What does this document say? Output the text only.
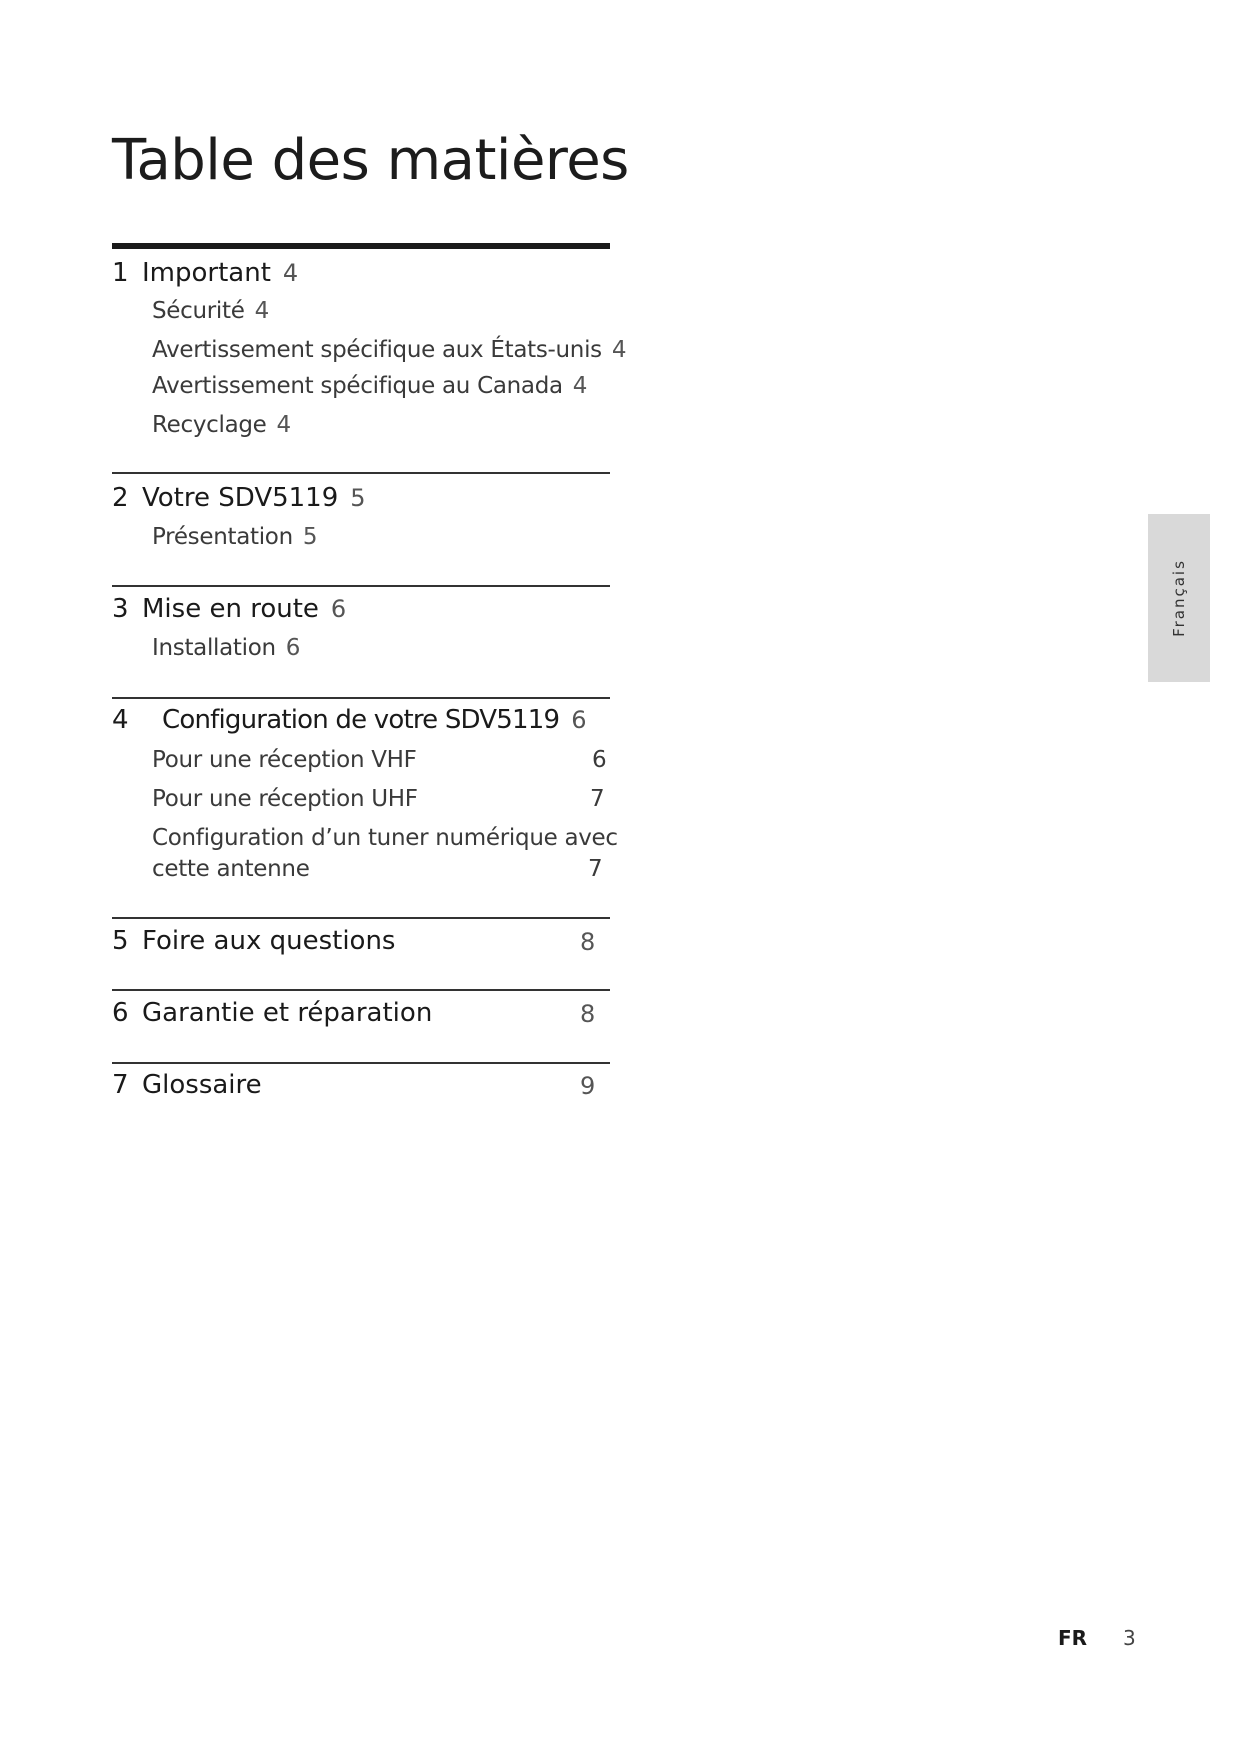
Table des matières
1 Important 4
Sécurité 4
Avertissement spécifique aux États-unis 4
Avertissement spécifique au Canada 4
Recyclage 4
2 Votre SDV5119 5
Présentation 5
3 Mise en route 6
Installation 6
4 Configuration de votre SDV5119 6
Pour une réception VHF	6
Pour une réception UHF	7
Configuration d’un tuner numérique avec
cette antenne	7
5 Foire aux questions	8
6 Garantie et réparation	8
7 Glossaire	9
Français
FR 3
